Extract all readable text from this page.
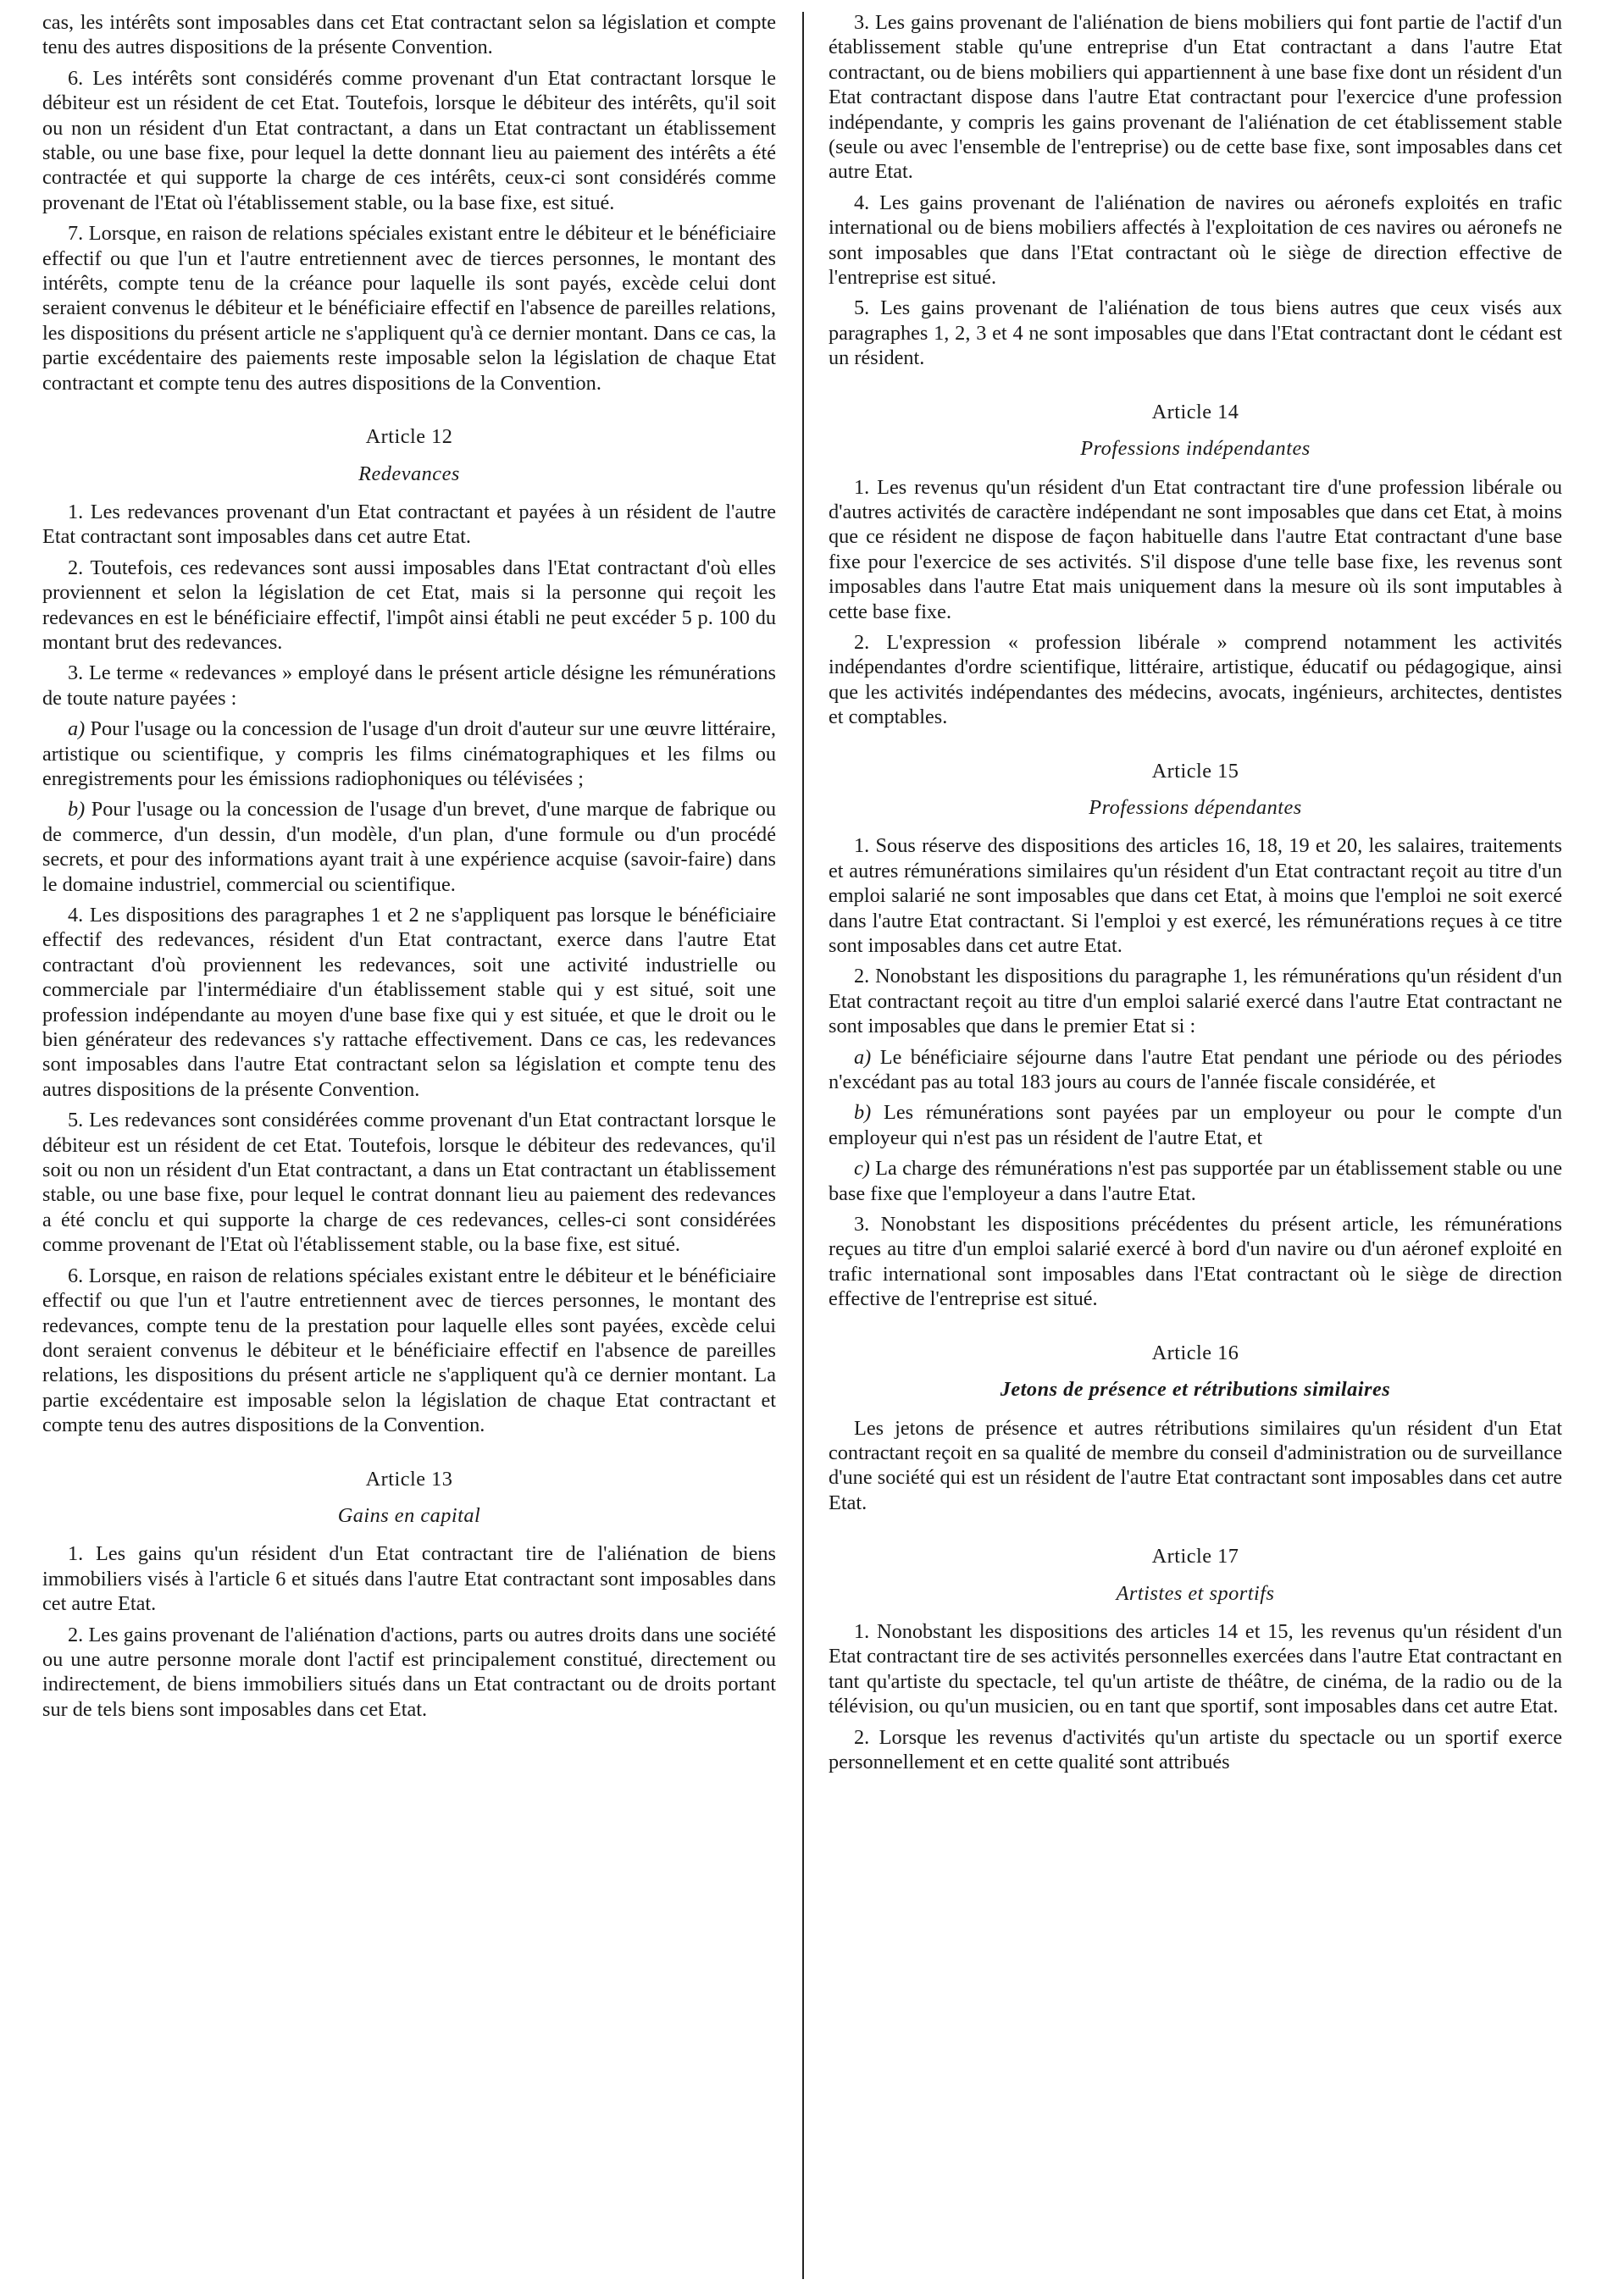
cas, les intérêts sont imposables dans cet Etat contractant selon sa législation et compte tenu des autres dispositions de la présente Convention.

6. Les intérêts sont considérés comme provenant d'un Etat contractant lorsque le débiteur est un résident de cet Etat. Toutefois, lorsque le débiteur des intérêts, qu'il soit ou non un résident d'un Etat contractant, a dans un Etat contractant un établissement stable, ou une base fixe, pour lequel la dette donnant lieu au paiement des intérêts a été contractée et qui supporte la charge de ces intérêts, ceux-ci sont considérés comme provenant de l'Etat où l'établissement stable, ou la base fixe, est situé.

7. Lorsque, en raison de relations spéciales existant entre le débiteur et le bénéficiaire effectif ou que l'un et l'autre entretiennent avec de tierces personnes, le montant des intérêts, compte tenu de la créance pour laquelle ils sont payés, excède celui dont seraient convenus le débiteur et le bénéficiaire effectif en l'absence de pareilles relations, les dispositions du présent article ne s'appliquent qu'à ce dernier montant. Dans ce cas, la partie excédentaire des paiements reste imposable selon la législation de chaque Etat contractant et compte tenu des autres dispositions de la Convention.

Article 12
Redevances

1. Les redevances provenant d'un Etat contractant et payées à un résident de l'autre Etat contractant sont imposables dans cet autre Etat.

2. Toutefois, ces redevances sont aussi imposables dans l'Etat contractant d'où elles proviennent et selon la législation de cet Etat, mais si la personne qui reçoit les redevances en est le bénéficiaire effectif, l'impôt ainsi établi ne peut excéder 5 p. 100 du montant brut des redevances.

3. Le terme « redevances » employé dans le présent article désigne les rémunérations de toute nature payées :

a) Pour l'usage ou la concession de l'usage d'un droit d'auteur sur une œuvre littéraire, artistique ou scientifique, y compris les films cinématographiques et les films ou enregistrements pour les émissions radiophoniques ou télévisées ;

b) Pour l'usage ou la concession de l'usage d'un brevet, d'une marque de fabrique ou de commerce, d'un dessin, d'un modèle, d'un plan, d'une formule ou d'un procédé secrets, et pour des informations ayant trait à une expérience acquise (savoir-faire) dans le domaine industriel, commercial ou scientifique.

4. Les dispositions des paragraphes 1 et 2 ne s'appliquent pas lorsque le bénéficiaire effectif des redevances, résident d'un Etat contractant, exerce dans l'autre Etat contractant d'où proviennent les redevances, soit une activité industrielle ou commerciale par l'intermédiaire d'un établissement stable qui y est situé, soit une profession indépendante au moyen d'une base fixe qui y est située, et que le droit ou le bien générateur des redevances s'y rattache effectivement. Dans ce cas, les redevances sont imposables dans l'autre Etat contractant selon sa législation et compte tenu des autres dispositions de la présente Convention.

5. Les redevances sont considérées comme provenant d'un Etat contractant lorsque le débiteur est un résident de cet Etat. Toutefois, lorsque le débiteur des redevances, qu'il soit ou non un résident d'un Etat contractant, a dans un Etat contractant un établissement stable, ou une base fixe, pour lequel le contrat donnant lieu au paiement des redevances a été conclu et qui supporte la charge de ces redevances, celles-ci sont considérées comme provenant de l'Etat où l'établissement stable, ou la base fixe, est situé.

6. Lorsque, en raison de relations spéciales existant entre le débiteur et le bénéficiaire effectif ou que l'un et l'autre entretiennent avec de tierces personnes, le montant des redevances, compte tenu de la prestation pour laquelle elles sont payées, excède celui dont seraient convenus le débiteur et le bénéficiaire effectif en l'absence de pareilles relations, les dispositions du présent article ne s'appliquent qu'à ce dernier montant. La partie excédentaire est imposable selon la législation de chaque Etat contractant et compte tenu des autres dispositions de la Convention.

Article 13
Gains en capital

1. Les gains qu'un résident d'un Etat contractant tire de l'aliénation de biens immobiliers visés à l'article 6 et situés dans l'autre Etat contractant sont imposables dans cet autre Etat.

2. Les gains provenant de l'aliénation d'actions, parts ou autres droits dans une société ou une autre personne morale dont l'actif est principalement constitué, directement ou indirectement, de biens immobiliers situés dans un Etat contractant ou de droits portant sur de tels biens sont imposables dans cet Etat.

3. Les gains provenant de l'aliénation de biens mobiliers qui font partie de l'actif d'un établissement stable qu'une entreprise d'un Etat contractant a dans l'autre Etat contractant, ou de biens mobiliers qui appartiennent à une base fixe dont un résident d'un Etat contractant dispose dans l'autre Etat contractant pour l'exercice d'une profession indépendante, y compris les gains provenant de l'aliénation de cet établissement stable (seule ou avec l'ensemble de l'entreprise) ou de cette base fixe, sont imposables dans cet autre Etat.

4. Les gains provenant de l'aliénation de navires ou aéronefs exploités en trafic international ou de biens mobiliers affectés à l'exploitation de ces navires ou aéronefs ne sont imposables que dans l'Etat contractant où le siège de direction effective de l'entreprise est situé.

5. Les gains provenant de l'aliénation de tous biens autres que ceux visés aux paragraphes 1, 2, 3 et 4 ne sont imposables que dans l'Etat contractant dont le cédant est un résident.

Article 14
Professions indépendantes

1. Les revenus qu'un résident d'un Etat contractant tire d'une profession libérale ou d'autres activités de caractère indépendant ne sont imposables que dans cet Etat, à moins que ce résident ne dispose de façon habituelle dans l'autre Etat contractant d'une base fixe pour l'exercice de ses activités. S'il dispose d'une telle base fixe, les revenus sont imposables dans l'autre Etat mais uniquement dans la mesure où ils sont imputables à cette base fixe.

2. L'expression « profession libérale » comprend notamment les activités indépendantes d'ordre scientifique, littéraire, artistique, éducatif ou pédagogique, ainsi que les activités indépendantes des médecins, avocats, ingénieurs, architectes, dentistes et comptables.

Article 15
Professions dépendantes

1. Sous réserve des dispositions des articles 16, 18, 19 et 20, les salaires, traitements et autres rémunérations similaires qu'un résident d'un Etat contractant reçoit au titre d'un emploi salarié ne sont imposables que dans cet Etat, à moins que l'emploi ne soit exercé dans l'autre Etat contractant. Si l'emploi y est exercé, les rémunérations reçues à ce titre sont imposables dans cet autre Etat.

2. Nonobstant les dispositions du paragraphe 1, les rémunérations qu'un résident d'un Etat contractant reçoit au titre d'un emploi salarié exercé dans l'autre Etat contractant ne sont imposables que dans le premier Etat si :

a) Le bénéficiaire séjourne dans l'autre Etat pendant une période ou des périodes n'excédant pas au total 183 jours au cours de l'année fiscale considérée, et

b) Les rémunérations sont payées par un employeur ou pour le compte d'un employeur qui n'est pas un résident de l'autre Etat, et

c) La charge des rémunérations n'est pas supportée par un établissement stable ou une base fixe que l'employeur a dans l'autre Etat.

3. Nonobstant les dispositions précédentes du présent article, les rémunérations reçues au titre d'un emploi salarié exercé à bord d'un navire ou d'un aéronef exploité en trafic international sont imposables dans l'Etat contractant où le siège de direction effective de l'entreprise est situé.

Article 16
Jetons de présence et rétributions similaires

Les jetons de présence et autres rétributions similaires qu'un résident d'un Etat contractant reçoit en sa qualité de membre du conseil d'administration ou de surveillance d'une société qui est un résident de l'autre Etat contractant sont imposables dans cet autre Etat.

Article 17
Artistes et sportifs

1. Nonobstant les dispositions des articles 14 et 15, les revenus qu'un résident d'un Etat contractant tire de ses activités personnelles exercées dans l'autre Etat contractant en tant qu'artiste du spectacle, tel qu'un artiste de théâtre, de cinéma, de la radio ou de la télévision, ou qu'un musicien, ou en tant que sportif, sont imposables dans cet autre Etat.

2. Lorsque les revenus d'activités qu'un artiste du spectacle ou un sportif exerce personnellement et en cette qualité sont attribués
